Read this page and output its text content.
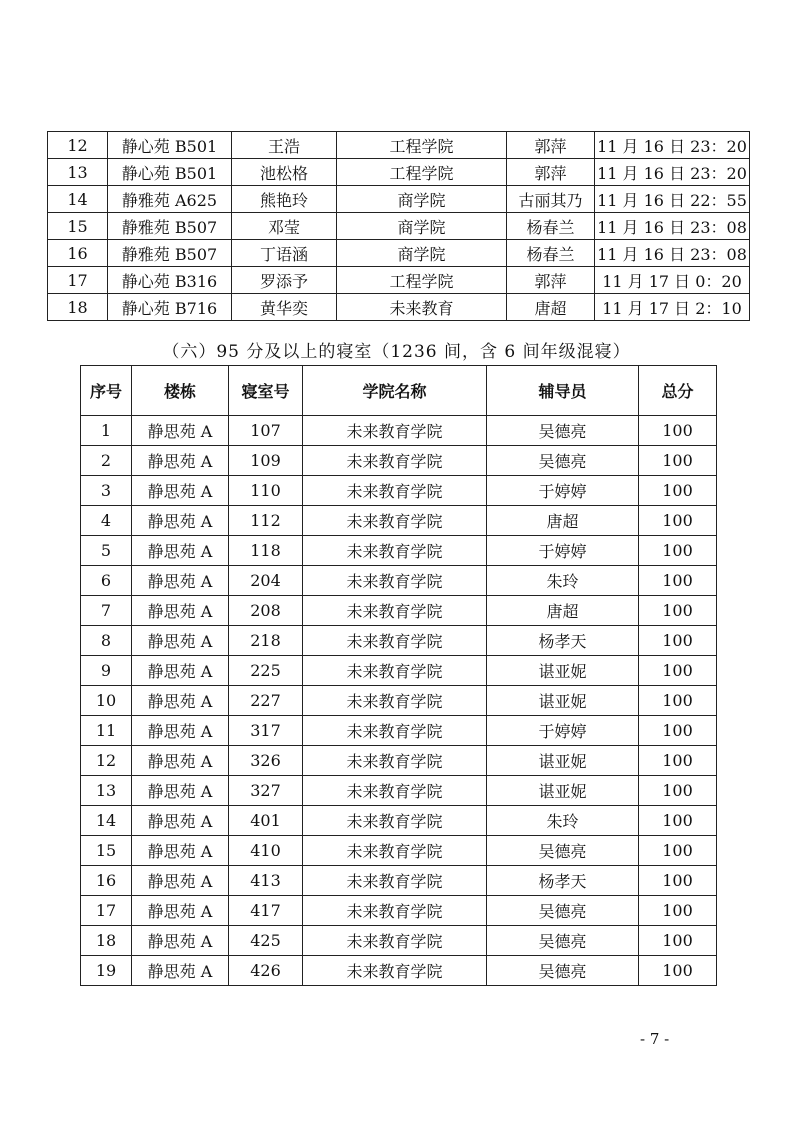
12	静心苑 B501	王浩	工程学院	郭萍	11 月 16 日 23：20
13	静心苑 B501	池松格	工程学院	郭萍	11 月 16 日 23：20
14	静雅苑 A625	熊艳玲	商学院	古丽其乃	11 月 16 日 22：55
15	静雅苑 B507	邓莹	商学院	杨春兰	11 月 16 日 23：08
16	静雅苑 B507	丁语涵	商学院	杨春兰	11 月 16 日 23：08
17	静心苑 B316	罗添予	工程学院	郭萍	11 月 17 日 0：20
18	静心苑 B716	黄华奕	未来教育	唐超	11 月 17 日 2：10
（六）95 分及以上的寝室（1236 间，含 6 间年级混寝）
序号	楼栋	寝室号	学院名称	辅导员	总分
1	静思苑 A	107	未来教育学院	吴德亮	100
2	静思苑 A	109	未来教育学院	吴德亮	100
3	静思苑 A	110	未来教育学院	于婷婷	100
4	静思苑 A	112	未来教育学院	唐超	100
5	静思苑 A	118	未来教育学院	于婷婷	100
6	静思苑 A	204	未来教育学院	朱玲	100
7	静思苑 A	208	未来教育学院	唐超	100
8	静思苑 A	218	未来教育学院	杨孝天	100
9	静思苑 A	225	未来教育学院	谌亚妮	100
10	静思苑 A	227	未来教育学院	谌亚妮	100
11	静思苑 A	317	未来教育学院	于婷婷	100
12	静思苑 A	326	未来教育学院	谌亚妮	100
13	静思苑 A	327	未来教育学院	谌亚妮	100
14	静思苑 A	401	未来教育学院	朱玲	100
15	静思苑 A	410	未来教育学院	吴德亮	100
16	静思苑 A	413	未来教育学院	杨孝天	100
17	静思苑 A	417	未来教育学院	吴德亮	100
18	静思苑 A	425	未来教育学院	吴德亮	100
19	静思苑 A	426	未来教育学院	吴德亮	100
- 7 -
